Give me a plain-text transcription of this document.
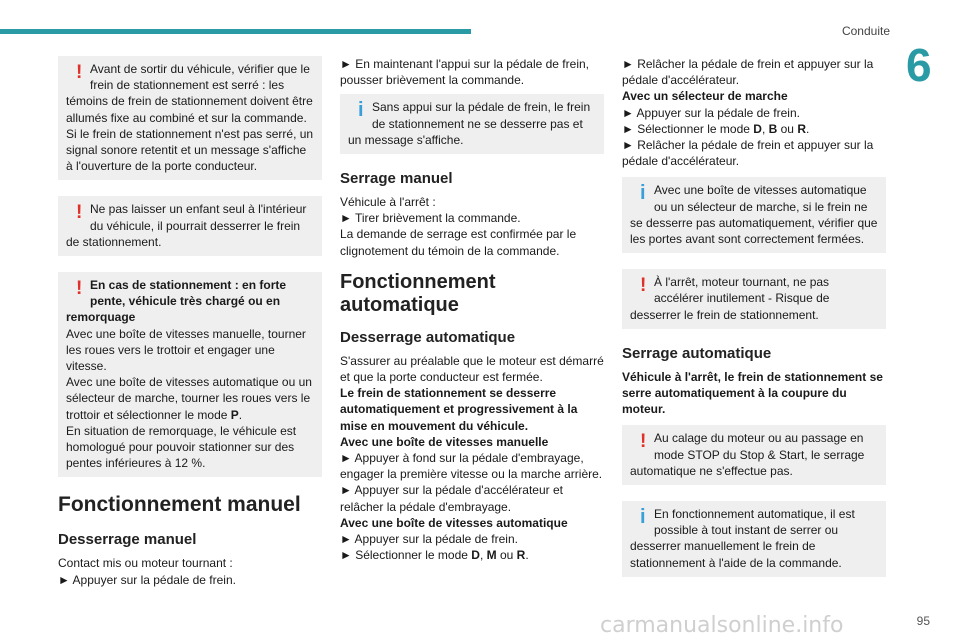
Conduite
6
! Avant de sortir du véhicule, vérifier que le frein de stationnement est serré : les

témoins de frein de stationnement doivent être allumés fixe au combiné et sur la commande.

Si le frein de stationnement n'est pas serré, un signal sonore retentit et un message s'affiche à l'ouverture de la porte conducteur.

! Ne pas laisser un enfant seul à l'intérieur du véhicule, il pourrait desserrer le frein

de stationnement.

! En cas de stationnement : en forte pente, véhicule très chargé ou en

remorquage

Avec une boîte de vitesses manuelle, tourner les roues vers le trottoir et engager une vitesse.

Avec une boîte de vitesses automatique ou un sélecteur de marche, tourner les roues vers le trottoir et sélectionner le mode P.

En situation de remorquage, le véhicule est homologué pour pouvoir stationner sur des pentes inférieures à 12 %.

Fonctionnement manuel
Desserrage manuel

Contact mis ou moteur tournant :

► Appuyer sur la pédale de frein.

► En maintenant l'appui sur la pédale de frein, pousser brièvement la commande.

i Sans appui sur la pédale de frein, le frein de stationnement ne se desserre pas et

un message s'affiche.

Serrage manuel

Véhicule à l'arrêt :

► Tirer brièvement la commande.

La demande de serrage est confirmée par le clignotement du témoin de la commande.

Fonctionnement automatique
Desserrage automatique

S'assurer au préalable que le moteur est démarré et que la porte conducteur est fermée.

Le frein de stationnement se desserre automatiquement et progressivement à la mise en mouvement du véhicule.

Avec une boîte de vitesses manuelle

► Appuyer à fond sur la pédale d'embrayage, engager la première vitesse ou la marche arrière.

► Appuyer sur la pédale d'accélérateur et relâcher la pédale d'embrayage.

Avec une boîte de vitesses automatique

► Appuyer sur la pédale de frein.

► Sélectionner le mode D, M ou R.

► Relâcher la pédale de frein et appuyer sur la pédale d'accélérateur.

Avec un sélecteur de marche

► Appuyer sur la pédale de frein.

► Sélectionner le mode D, B ou R.

► Relâcher la pédale de frein et appuyer sur la pédale d'accélérateur.

i Avec une boîte de vitesses automatique ou un sélecteur de marche, si le frein ne

se desserre pas automatiquement, vérifier que les portes avant sont correctement fermées.

! À l'arrêt, moteur tournant, ne pas accélérer inutilement - Risque de

desserrer le frein de stationnement.

Serrage automatique

Véhicule à l'arrêt, le frein de stationnement se serre automatiquement à la coupure du moteur.

! Au calage du moteur ou au passage en mode STOP du Stop & Start, le serrage

automatique ne s'effectue pas.

i En fonctionnement automatique, il est possible à tout instant de serrer ou

desserrer manuellement le frein de stationnement à l'aide de la commande.

carmanualsonline.info	95
